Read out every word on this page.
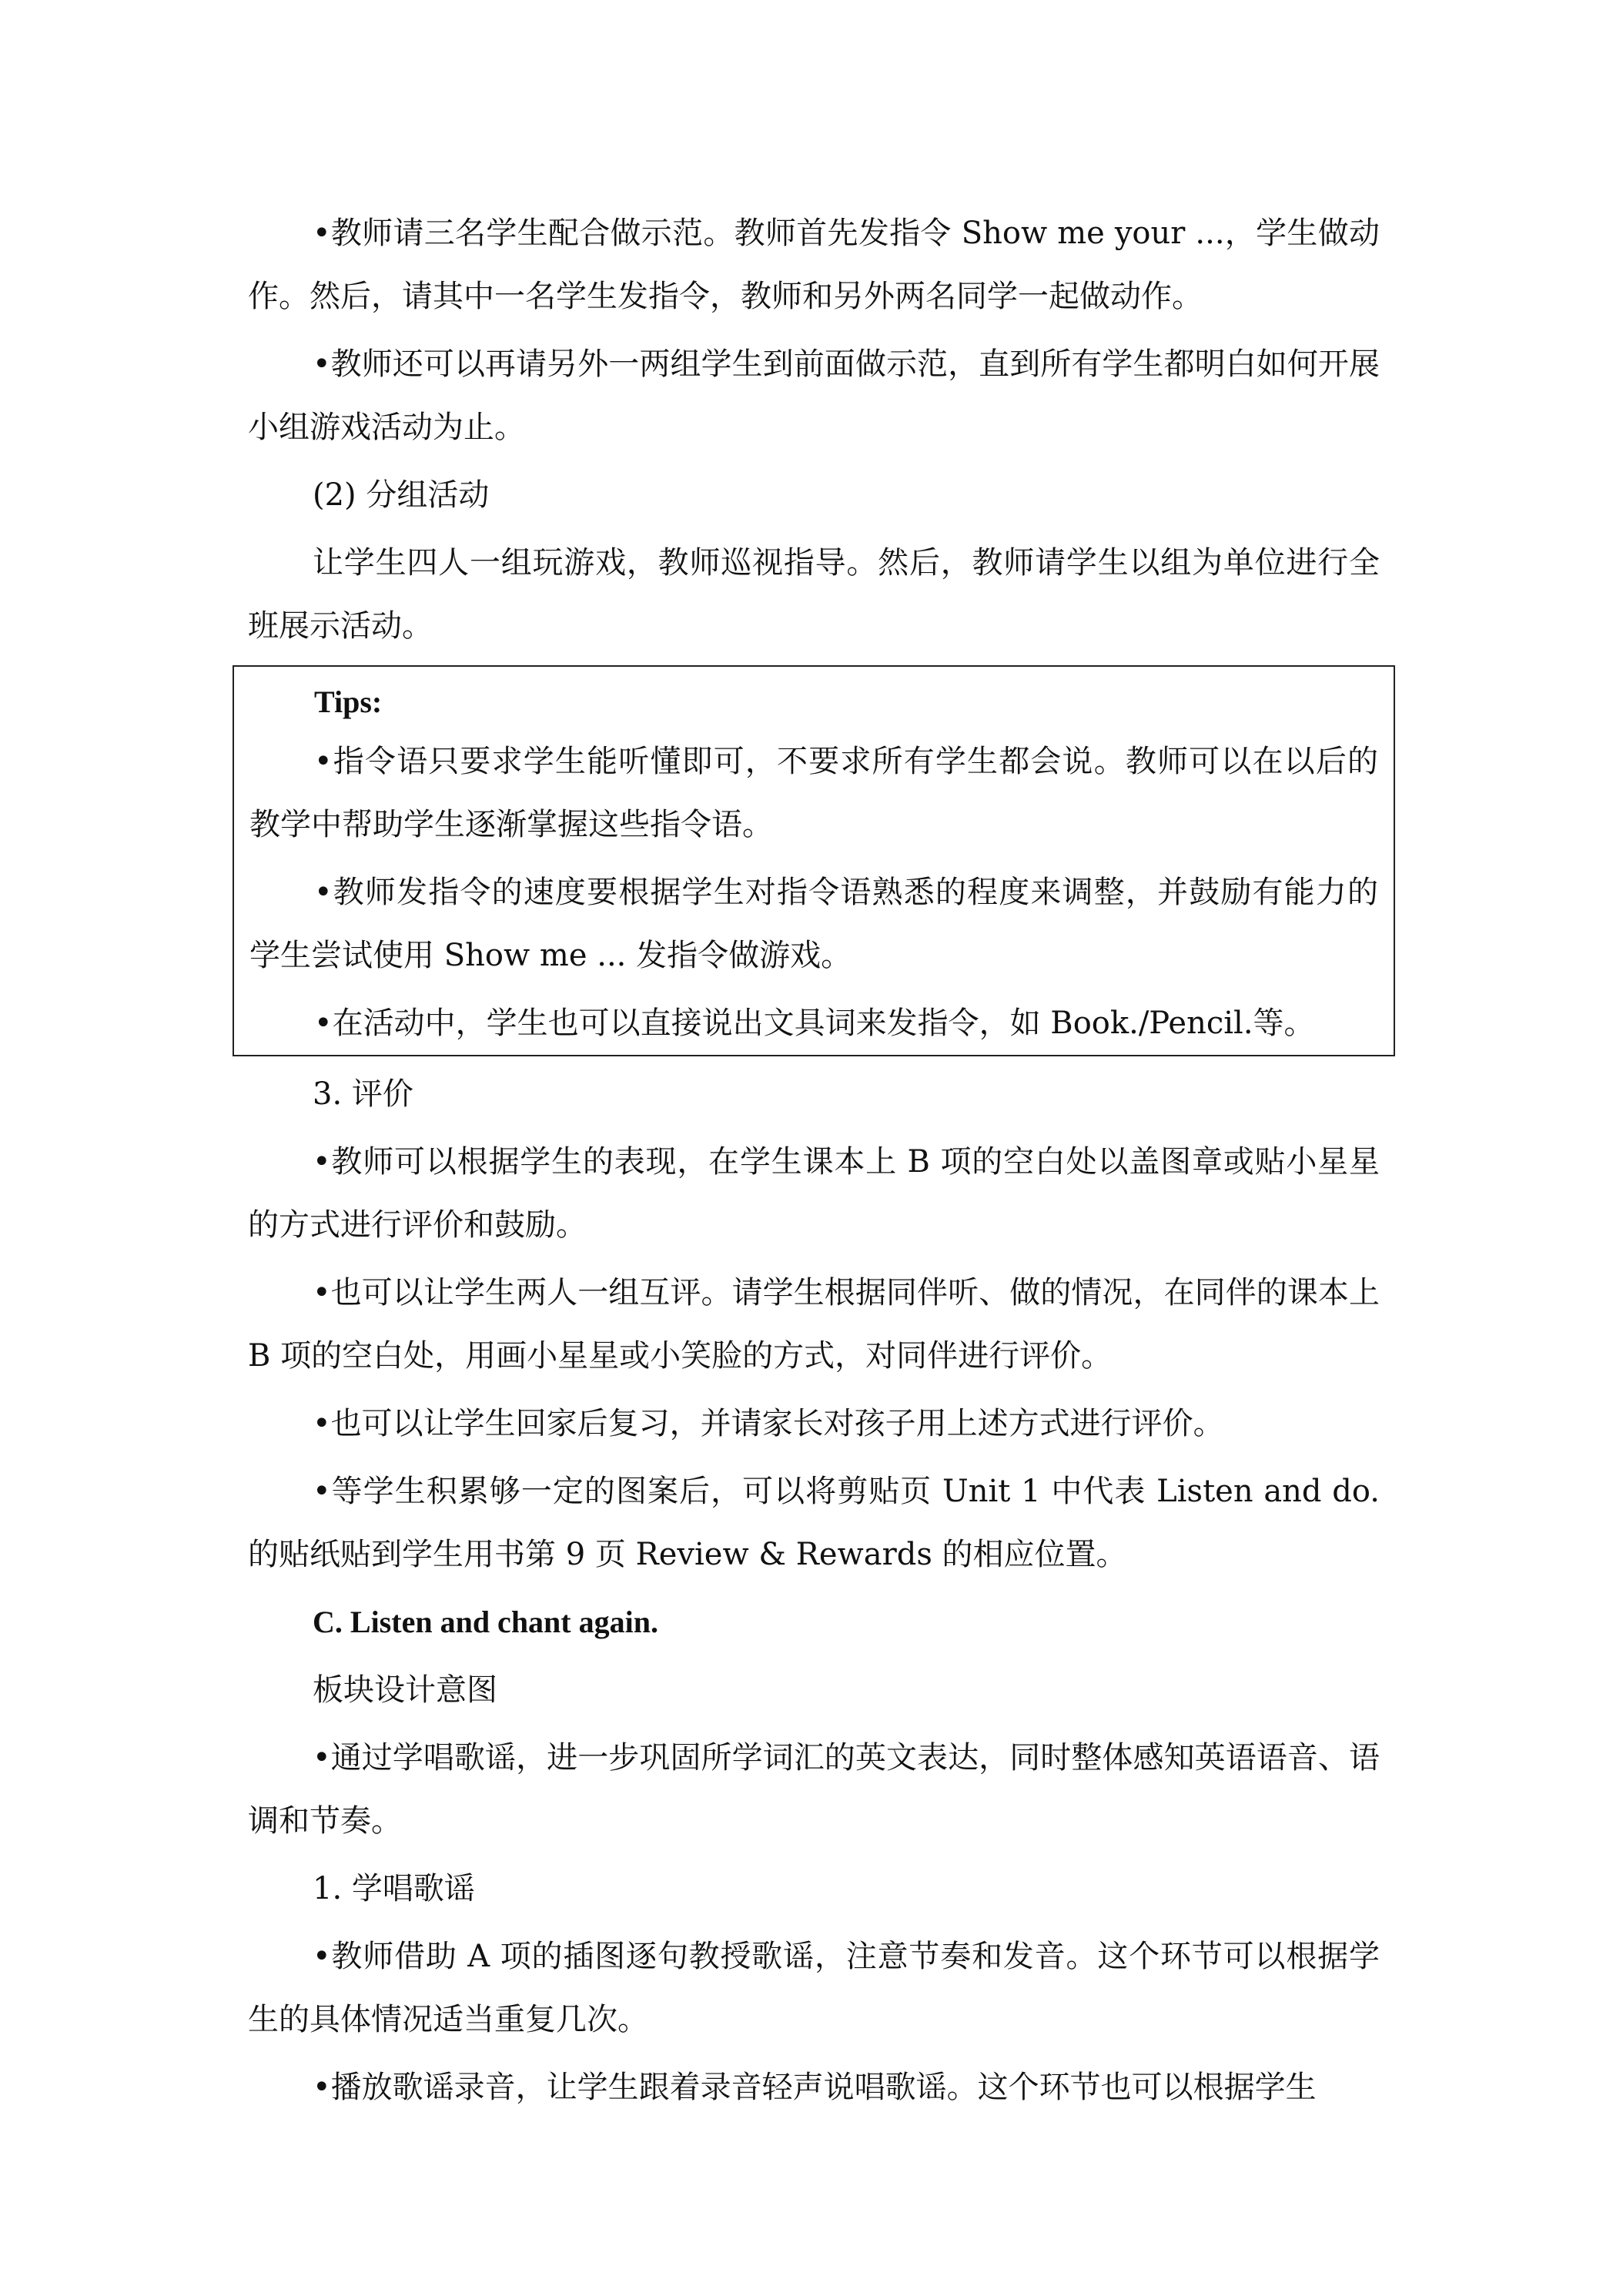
•教师请三名学生配合做示范。教师首先发指令 Show me your ...，学生做动作。然后，请其中一名学生发指令，教师和另外两名同学一起做动作。

•教师还可以再请另外一两组学生到前面做示范，直到所有学生都明白如何开展小组游戏活动为止。

(2) 分组活动

让学生四人一组玩游戏，教师巡视指导。然后，教师请学生以组为单位进行全班展示活动。

Tips:

•指令语只要求学生能听懂即可，不要求所有学生都会说。教师可以在以后的教学中帮助学生逐渐掌握这些指令语。

•教师发指令的速度要根据学生对指令语熟悉的程度来调整，并鼓励有能力的学生尝试使用 Show me ... 发指令做游戏。

•在活动中，学生也可以直接说出文具词来发指令，如 Book./Pencil.等。

3. 评价

•教师可以根据学生的表现，在学生课本上 B 项的空白处以盖图章或贴小星星的方式进行评价和鼓励。

•也可以让学生两人一组互评。请学生根据同伴听、做的情况，在同伴的课本上 B 项的空白处，用画小星星或小笑脸的方式，对同伴进行评价。

•也可以让学生回家后复习，并请家长对孩子用上述方式进行评价。

•等学生积累够一定的图案后，可以将剪贴页 Unit 1 中代表 Listen and do.的贴纸贴到学生用书第 9 页 Review & Rewards 的相应位置。

C. Listen and chant again.

板块设计意图

•通过学唱歌谣，进一步巩固所学词汇的英文表达，同时整体感知英语语音、语调和节奏。

1. 学唱歌谣

•教师借助 A 项的插图逐句教授歌谣，注意节奏和发音。这个环节可以根据学生的具体情况适当重复几次。

•播放歌谣录音，让学生跟着录音轻声说唱歌谣。这个环节也可以根据学生
